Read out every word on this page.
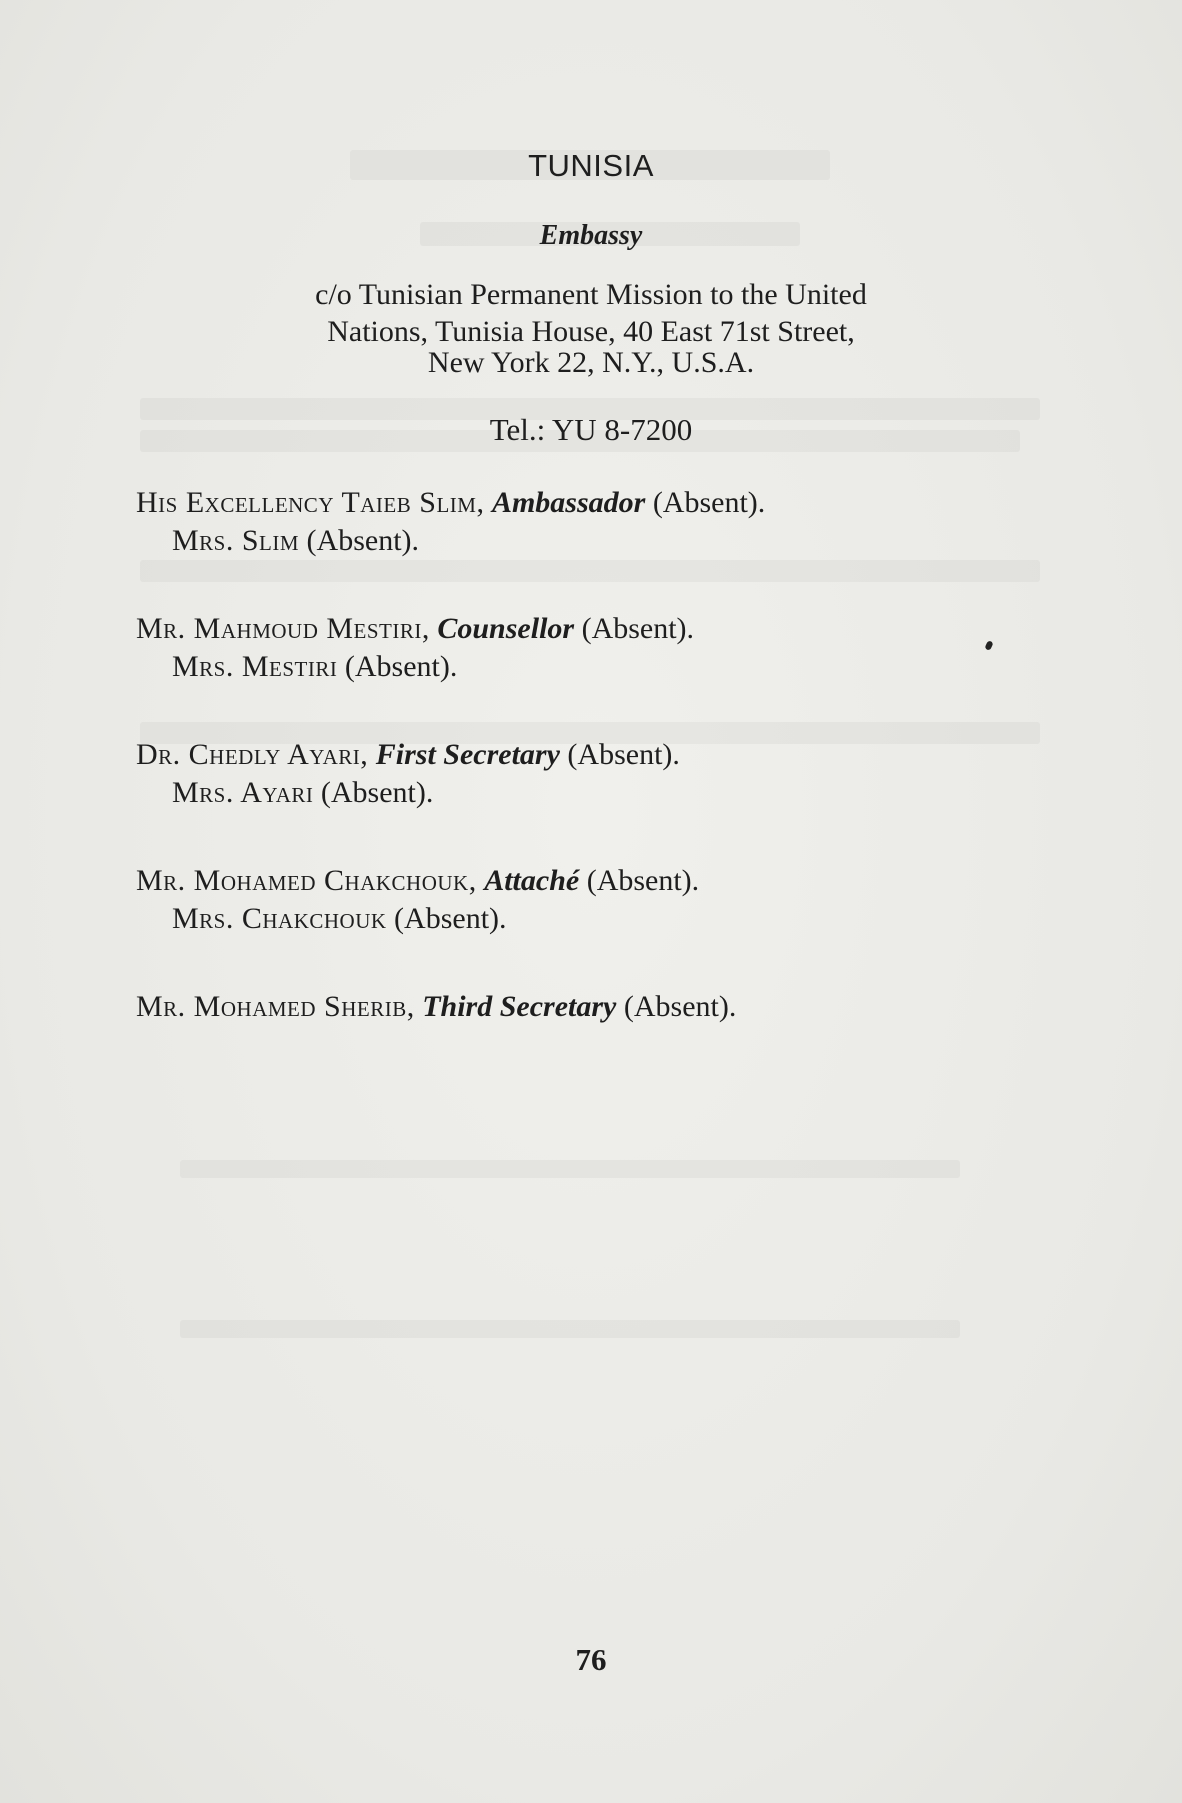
TUNISIA
Embassy
c/o Tunisian Permanent Mission to the United
Nations, Tunisia House, 40 East 71st Street,
New York 22, N.Y., U.S.A.
Tel.: YU 8-7200
His Excellency Taieb Slim, Ambassador (Absent).
Mrs. Slim (Absent).
Mr. Mahmoud Mestiri, Counsellor (Absent).
Mrs. Mestiri (Absent).
Dr. Chedly Ayari, First Secretary (Absent).
Mrs. Ayari (Absent).
Mr. Mohamed Chakchouk, Attaché (Absent).
Mrs. Chakchouk (Absent).
Mr. Mohamed Sherib, Third Secretary (Absent).
76
